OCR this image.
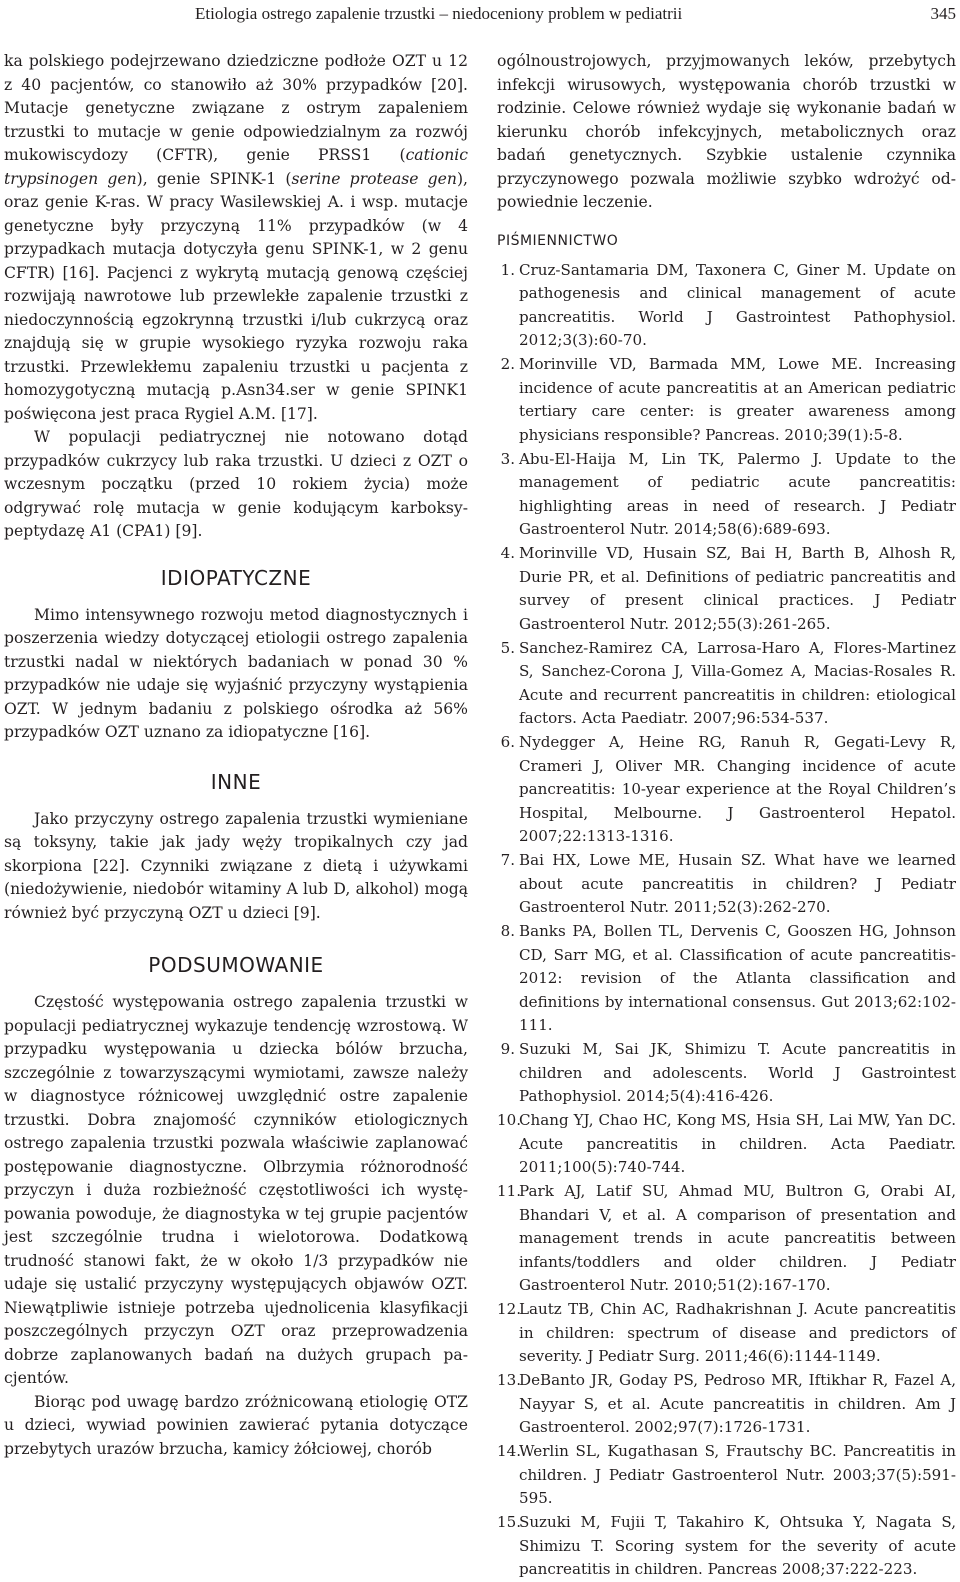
Etiologia ostrego zapalenie trzustki – niedoceniony problem w pediatrii	345

ka polskiego podejrzewano dziedziczne podłoże OZT u 12 z 40 pacjentów, co stanowiło aż 30% przypadków [20]. Mutacje genetyczne związane z ostrym zapaleniem trzustki to mutacje w genie odpowiedzialnym za rozwój mukowiscydozy (CFTR), genie PRSS1 (cationic trypsinogen gen), genie SPINK-1 (serine protease gen), oraz genie K-ras. W pracy Wasilewskiej A. i wsp. mutacje genetyczne były przyczyną 11% przypadków (w 4 przypadkach mutacja dotyczyła genu SPINK-1, w 2 genu CFTR) [16]. Pacjenci z wykrytą mutacją genową częściej rozwijają nawrotowe lub przewlekłe zapalenie trzustki z niedoczynnością egzokrynną trzustki i/lub cukrzycą oraz znajdują się w grupie wysokiego ryzyka rozwoju raka trzustki. Przewlekłemu zapaleniu trzustki u pacjenta z homozygotyczną mutacją p.Asn34.ser w genie SPINK1 poświęcona jest praca Rygiel A.M. [17].

W populacji pediatrycznej nie notowano dotąd przypadków cukrzycy lub raka trzustki. U dzieci z OZT o wczesnym początku (przed 10 rokiem życia) może odgrywać rolę mutacja w genie kodującym karboksypeptydazę A1 (CPA1) [9].

IDIOPATYCZNE

Mimo intensywnego rozwoju metod diagnostycznych i poszerzenia wiedzy dotyczącej etiologii ostrego zapalenia trzustki nadal w niektórych badaniach w ponad 30 % przypadków nie udaje się wyjaśnić przyczyny wystąpienia OZT. W jednym badaniu z polskiego ośrodka aż 56% przypadków OZT uznano za idiopatyczne [16].

INNE

Jako przyczyny ostrego zapalenia trzustki wymieniane są toksyny, takie jak jady węży tropikalnych czy jad skorpiona [22]. Czynniki związane z dietą i używkami (niedożywienie, niedobór witaminy A lub D, alkohol) mogą również być przyczyną OZT u dzieci [9].

PODSUMOWANIE

Częstość występowania ostrego zapalenia trzustki w populacji pediatrycznej wykazuje tendencję wzrostową. W przypadku występowania u dziecka bólów brzucha, szczególnie z towarzyszącymi wymiotami, zawsze należy w diagnostyce różnicowej uwzględnić ostre zapalenie trzustki. Dobra znajomość czynników etiologicznych ostrego zapalenia trzustki pozwala właściwie zaplanować postępowanie diagnostyczne. Olbrzymia różnorodność przyczyn i duża rozbieżność częstotliwości ich występowania powoduje, że diagnostyka w tej grupie pacjentów jest szczególnie trudna i wielotorowa. Dodatkową trudność stanowi fakt, że w około 1/3 przypadków nie udaje się ustalić przyczyny występujących objawów OZT. Niewątpliwie istnieje potrzeba ujednolicenia klasyfikacji poszczególnych przyczyn OZT oraz przeprowadzenia dobrze zaplanowanych badań na dużych grupach pacjentów.

Biorąc pod uwagę bardzo zróżnicowaną etiologię OTZ u dzieci, wywiad powinien zawierać pytania dotyczące przebytych urazów brzucha, kamicy żółciowej, chorób

ogólnoustrojowych, przyjmowanych leków, przebytych infekcji wirusowych, występowania chorób trzustki w rodzinie. Celowe również wydaje się wykonanie badań w kierunku chorób infekcyjnych, metabolicznych oraz badań genetycznych. Szybkie ustalenie czynnika przyczynowego pozwala możliwie szybko wdrożyć odpowiednie leczenie.

PIŚMIENNICTWO
1. Cruz-Santamaria DM, Taxonera C, Giner M. Update on pathogenesis and clinical management of acute pancreatitis. World J Gastrointest Pathophysiol. 2012;3(3):60-70.
2. Morinville VD, Barmada MM, Lowe ME. Increasing incidence of acute pancreatitis at an American pediatric tertiary care center: is greater awareness among physicians responsible? Pancreas. 2010;39(1):5-8.
3. Abu-El-Haija M, Lin TK, Palermo J. Update to the management of pediatric acute pancreatitis: highlighting areas in need of research. J Pediatr Gastroenterol Nutr. 2014;58(6):689-693.
4. Morinville VD, Husain SZ, Bai H, Barth B, Alhosh R, Durie PR, et al. Definitions of pediatric pancreatitis and survey of present clinical practices. J Pediatr Gastroenterol Nutr. 2012;55(3):261-265.
5. Sanchez-Ramirez CA, Larrosa-Haro A, Flores-Martinez S, Sanchez-Corona J, Villa-Gomez A, Macias-Rosales R. Acute and recurrent pancreatitis in children: etiological factors. Acta Paediatr. 2007;96:534-537.
6. Nydegger A, Heine RG, Ranuh R, Gegati-Levy R, Crameri J, Oliver MR. Changing incidence of acute pancreatitis: 10-year experience at the Royal Children’s Hospital, Melbourne. J Gastroenterol Hepatol. 2007;22:1313-1316.
7. Bai HX, Lowe ME, Husain SZ. What have we learned about acute pancreatitis in children? J Pediatr Gastroenterol Nutr. 2011;52(3):262-270.
8. Banks PA, Bollen TL, Dervenis C, Gooszen HG, Johnson CD, Sarr MG, et al. Classification of acute pancreatitis-2012: revision of the Atlanta classification and definitions by international consensus. Gut 2013;62:102-111.
9. Suzuki M, Sai JK, Shimizu T. Acute pancreatitis in children and adolescents. World J Gastrointest Pathophysiol. 2014;5(4):416-426.
10.
Chang YJ, Chao HC, Kong MS, Hsia SH, Lai MW, Yan DC. Acute pancreatitis in children. Acta Paediatr. 2011;100(5):740-744.
11.
Park AJ, Latif SU, Ahmad MU, Bultron G, Orabi AI, Bhandari V, et al. A comparison of presentation and management trends in acute pancreatitis between infants/toddlers and older children. J Pediatr Gastroenterol Nutr. 2010;51(2):167-170.
12.
Lautz TB, Chin AC, Radhakrishnan J. Acute pancreatitis in children: spectrum of disease and predictors of severity. J Pediatr Surg. 2011;46(6):1144-1149.
13.
DeBanto JR, Goday PS, Pedroso MR, Iftikhar R, Fazel A, Nayyar S, et al. Acute pancreatitis in children. Am J Gastroenterol. 2002;97(7):1726-1731.
14.
Werlin SL, Kugathasan S, Frautschy BC. Pancreatitis in children. J Pediatr Gastroenterol Nutr. 2003;37(5):591-595.
15.
Suzuki M, Fujii T, Takahiro K, Ohtsuka Y, Nagata S, Shimizu T. Scoring system for the severity of acute pancreatitis in children. Pancreas 2008;37:222-223.
